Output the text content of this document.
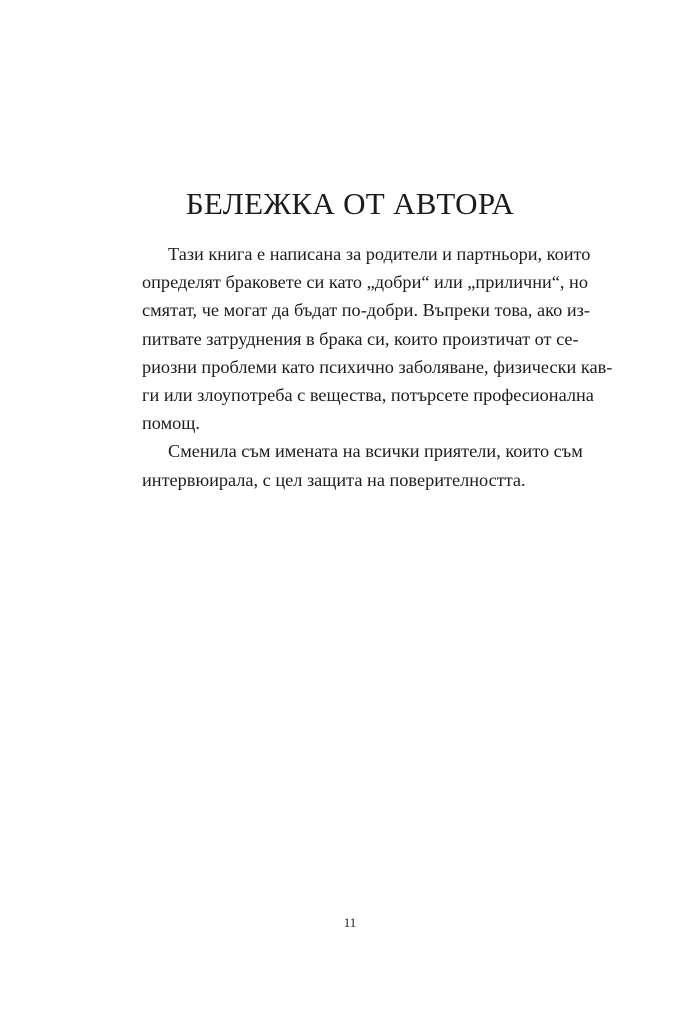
БЕЛЕЖКА ОТ АВТОРА
Тази книга е написана за родители и партньори, които
определят браковете си като „добри“ или „прилични“, но
смятат, че могат да бъдат по-добри. Въпреки това, ако из-
питвате затруднения в брака си, които произтичат от се-
риозни проблеми като психично заболяване, физически кав-
ги или злоупотреба с вещества, потърсете професионална
помощ.
Сменила съм имената на всички приятели, които съм
интервюирала, с цел защита на поверителността.
11
